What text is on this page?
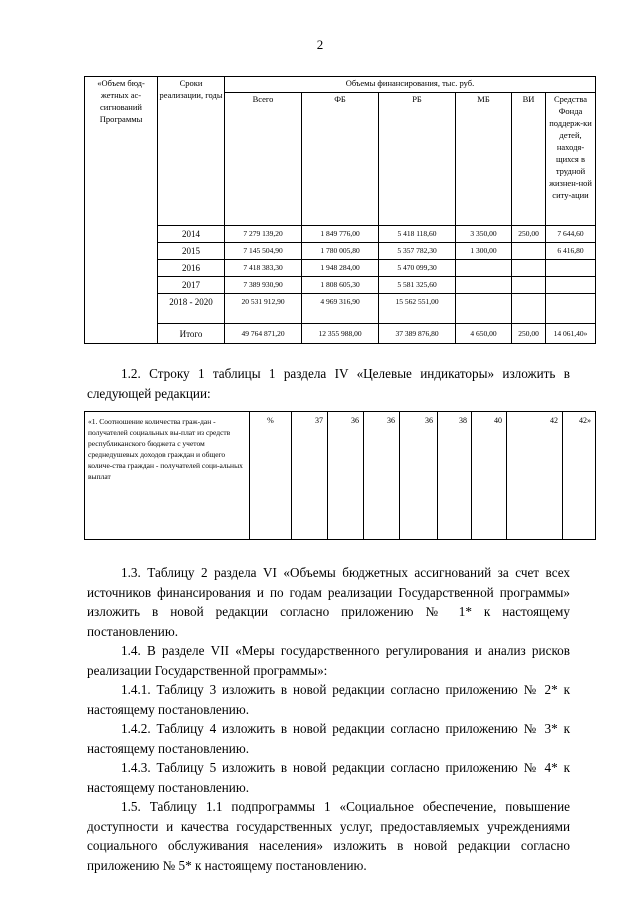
2
«Объем бюд-жетных ас-сигнований Программы	Сроки реализации, годы	Объемы финансирования, тыс. руб.					
		Всего	ФБ	РБ	МБ	ВИ	Средства Фонда поддерж-ки детей, находя-щихся в трудной жизнен-ной ситу-ации
	2014	7 279 139,20	1 849 776,00	5 418 118,60	3 350,00	250,00	7 644,60
	2015	7 145 504,90	1 780 005,80	5 357 782,30	1 300,00		6 416,80
	2016	7 418 383,30	1 948 284,00	5 470 099,30			
	2017	7 389 930,90	1 808 605,30	5 581 325,60			
	2018 - 2020	20 531 912,90	4 969 316,90	15 562 551,00			
	Итого	49 764 871,20	12 355 988,00	37 389 876,80	4 650,00	250,00	14 061,40»

1.2. Строку 1 таблицы 1 раздела IV «Целевые индикаторы» изложить в следующей редакции:

«1. Соотношение количества граж-дан - получателей социальных вы-плат из средств республиканского бюджета с учетом среднедушевых доходов граждан и общего количе-ства граждан - получателей соци-альных выплат	%	37	36	36	36	38	40	42	42»

1.3. Таблицу 2 раздела VI «Объемы бюджетных ассигнований за счет всех источников финансирования и по годам реализации Государственной программы» изложить в новой редакции согласно приложению № 1* к настоящему постановлению.

1.4. В разделе VII «Меры государственного регулирования и анализ рисков реализации Государственной программы»:

1.4.1. Таблицу 3 изложить в новой редакции согласно приложению № 2* к настоящему постановлению.

1.4.2. Таблицу 4 изложить в новой редакции согласно приложению № 3* к настоящему постановлению.

1.4.3. Таблицу 5 изложить в новой редакции согласно приложению № 4* к настоящему постановлению.

1.5. Таблицу 1.1 подпрограммы 1 «Социальное обеспечение, повышение доступности и качества государственных услуг, предоставляемых учреждениями социального обслуживания населения» изложить в новой редакции согласно приложению № 5* к настоящему постановлению.
